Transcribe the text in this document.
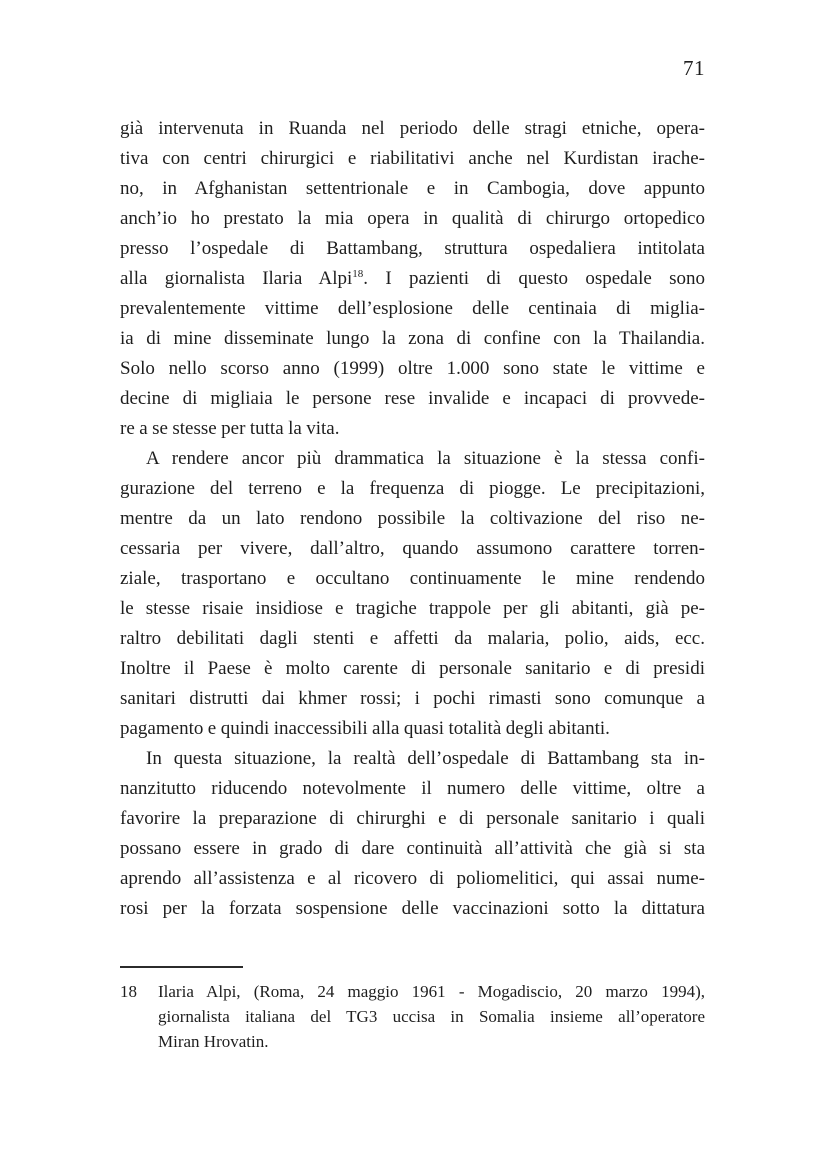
71
già intervenuta in Ruanda nel periodo delle stragi etniche, opera-
tiva con centri chirurgici e riabilitativi anche nel Kurdistan irache-
no, in Afghanistan settentrionale e in Cambogia, dove appunto
anch’io ho prestato la mia opera in qualità di chirurgo ortopedico
presso l’ospedale di Battambang, struttura ospedaliera intitolata
alla giornalista Ilaria Alpi$^{18}$. I pazienti di questo ospedale sono
prevalentemente vittime dell’esplosione delle centinaia di miglia-
ia di mine disseminate lungo la zona di confine con la Thailandia.
Solo nello scorso anno (1999) oltre 1.000 sono state le vittime e
decine di migliaia le persone rese invalide e incapaci di provvede-
re a se stesse per tutta la vita.
A rendere ancor più drammatica la situazione è la stessa confi-
gurazione del terreno e la frequenza di piogge. Le precipitazioni,
mentre da un lato rendono possibile la coltivazione del riso ne-
cessaria per vivere, dall’altro, quando assumono carattere torren-
ziale, trasportano e occultano continuamente le mine rendendo
le stesse risaie insidiose e tragiche trappole per gli abitanti, già pe-
raltro debilitati dagli stenti e affetti da malaria, polio, aids, ecc.
Inoltre il Paese è molto carente di personale sanitario e di presidi
sanitari distrutti dai khmer rossi; i pochi rimasti sono comunque a
pagamento e quindi inaccessibili alla quasi totalità degli abitanti.
In questa situazione, la realtà dell’ospedale di Battambang sta in-
nanzitutto riducendo notevolmente il numero delle vittime, oltre a
favorire la preparazione di chirurghi e di personale sanitario i quali
possano essere in grado di dare continuità all’attività che già si sta
aprendo all’assistenza e al ricovero di poliomelitici, qui assai nume-
rosi per la forzata sospensione delle vaccinazioni sotto la dittatura
18 Ilaria Alpi, (Roma, 24 maggio 1961 - Mogadiscio, 20 marzo 1994),
giornalista italiana del TG3 uccisa in Somalia insieme all’operatore
Miran Hrovatin.
